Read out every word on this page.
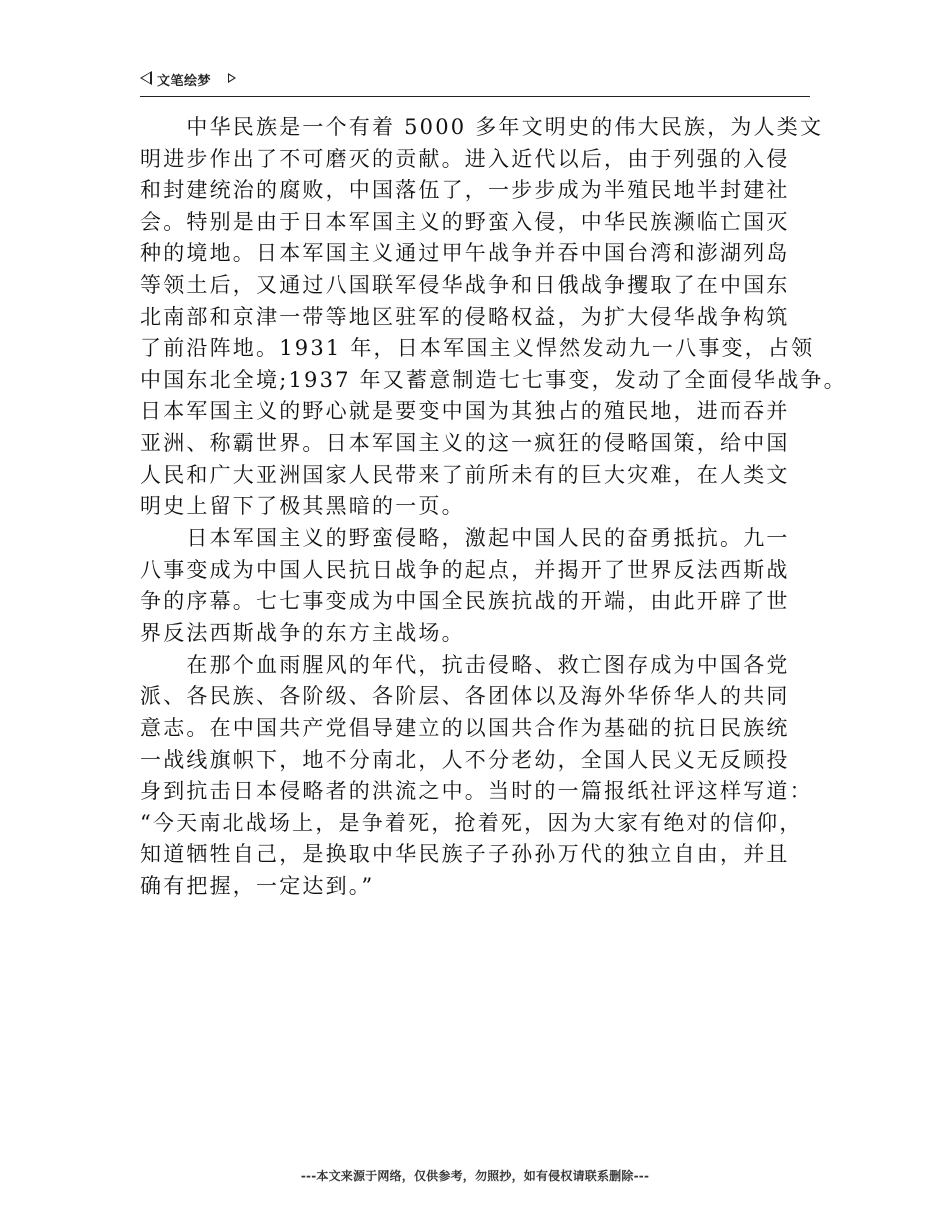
文笔绘梦
　　中华民族是一个有着 5000 多年文明史的伟大民族，为人类文
明进步作出了不可磨灭的贡献。进入近代以后，由于列强的入侵
和封建统治的腐败，中国落伍了，一步步成为半殖民地半封建社
会。特别是由于日本军国主义的野蛮入侵，中华民族濒临亡国灭
种的境地。日本军国主义通过甲午战争并吞中国台湾和澎湖列岛
等领土后，又通过八国联军侵华战争和日俄战争攫取了在中国东
北南部和京津一带等地区驻军的侵略权益，为扩大侵华战争构筑
了前沿阵地。1931 年，日本军国主义悍然发动九一八事变，占领
中国东北全境;1937 年又蓄意制造七七事变，发动了全面侵华战争。
日本军国主义的野心就是要变中国为其独占的殖民地，进而吞并
亚洲、称霸世界。日本军国主义的这一疯狂的侵略国策，给中国
人民和广大亚洲国家人民带来了前所未有的巨大灾难，在人类文
明史上留下了极其黑暗的一页。
　　日本军国主义的野蛮侵略，激起中国人民的奋勇抵抗。九一
八事变成为中国人民抗日战争的起点，并揭开了世界反法西斯战
争的序幕。七七事变成为中国全民族抗战的开端，由此开辟了世
界反法西斯战争的东方主战场。
　　在那个血雨腥风的年代，抗击侵略、救亡图存成为中国各党
派、各民族、各阶级、各阶层、各团体以及海外华侨华人的共同
意志。在中国共产党倡导建立的以国共合作为基础的抗日民族统
一战线旗帜下，地不分南北，人不分老幼，全国人民义无反顾投
身到抗击日本侵略者的洪流之中。当时的一篇报纸社评这样写道：
“今天南北战场上，是争着死，抢着死，因为大家有绝对的信仰，
知道牺牲自己，是换取中华民族子子孙孙万代的独立自由，并且
确有把握，一定达到。”
---本文来源于网络，仅供参考，勿照抄，如有侵权请联系删除---
